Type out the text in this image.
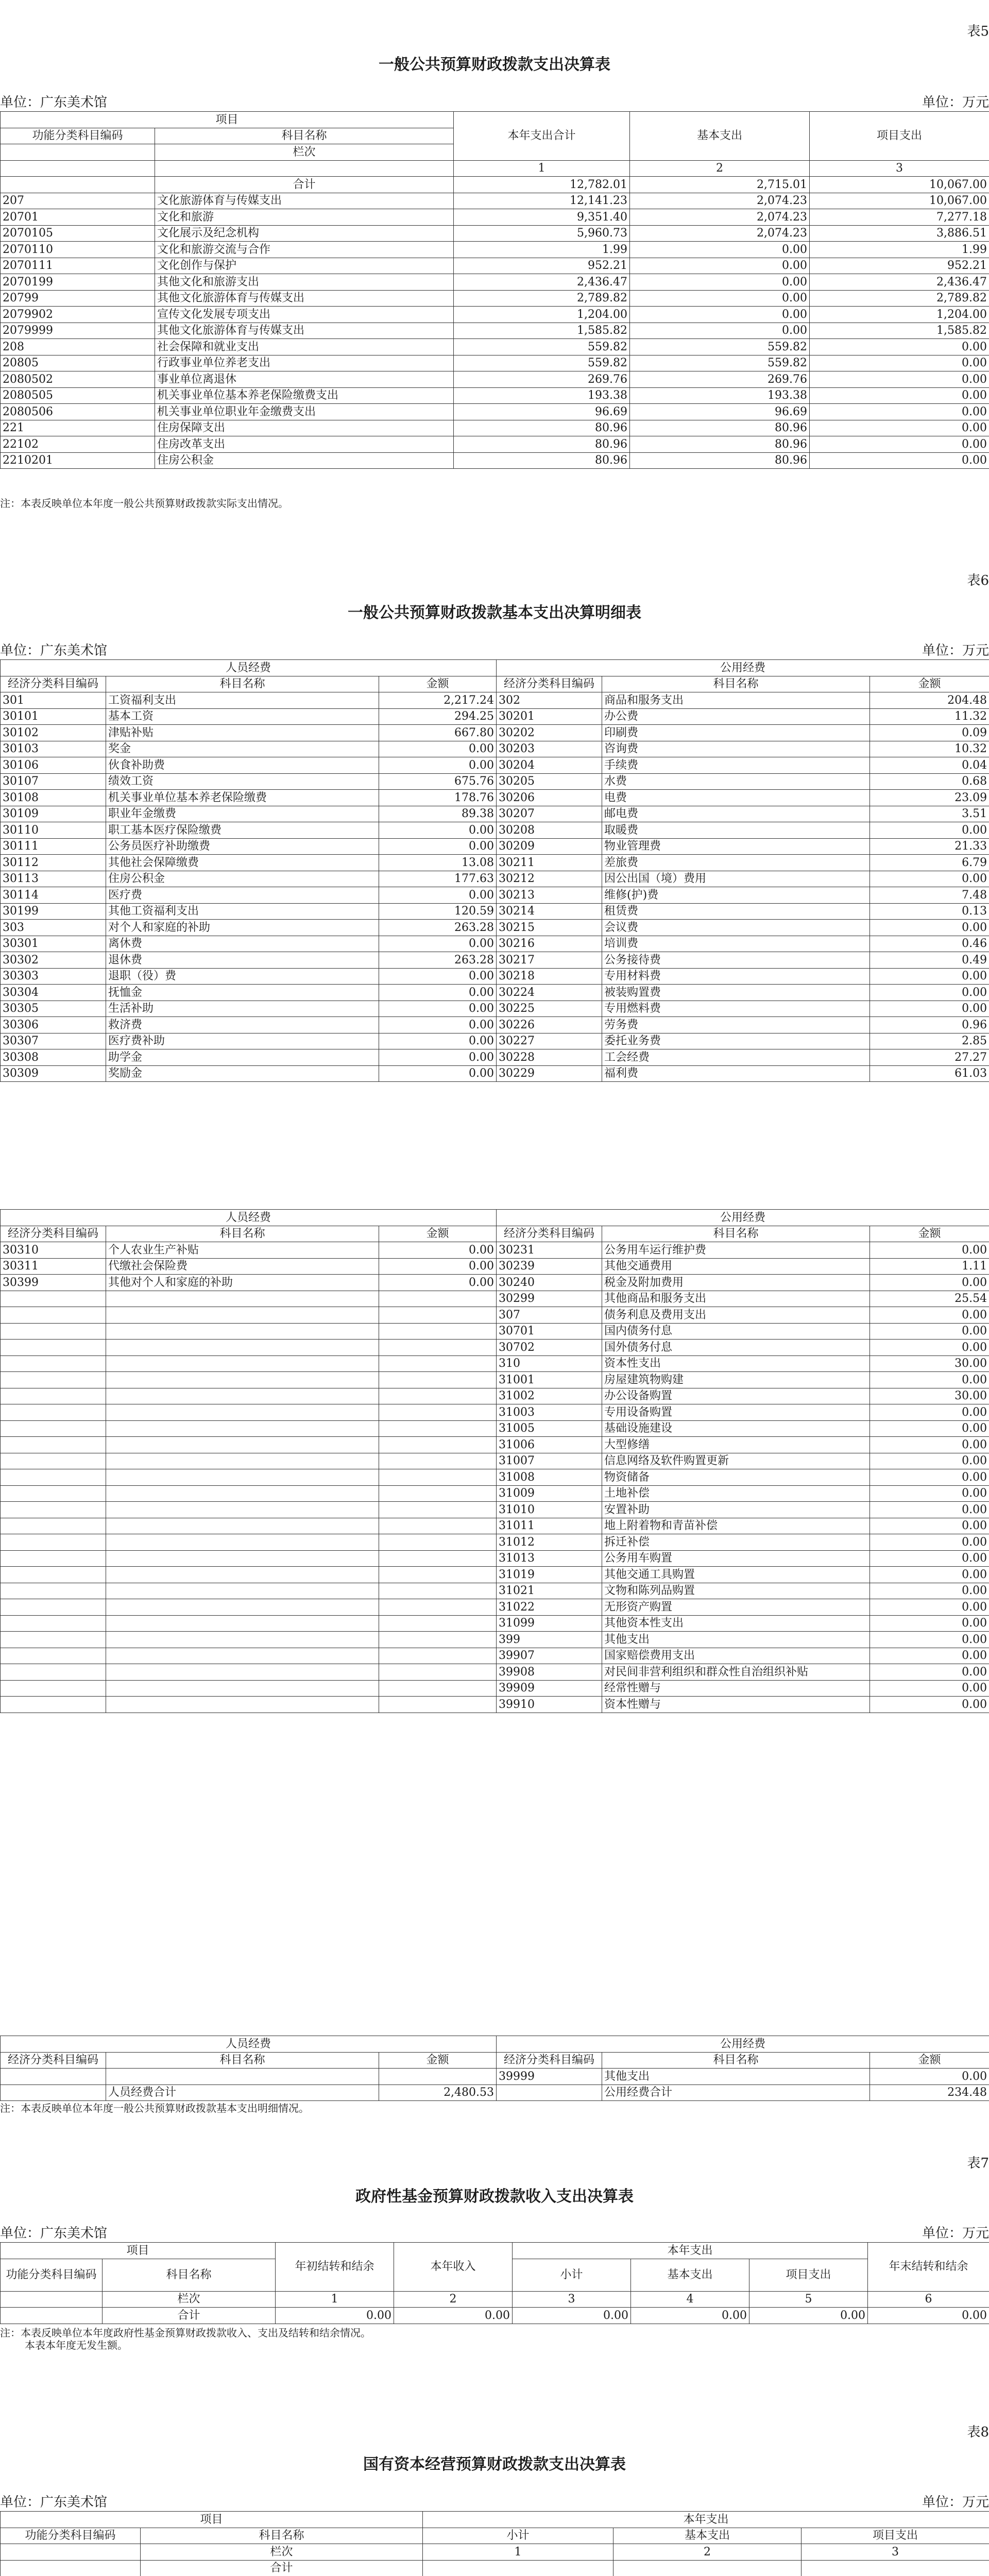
表5
一般公共预算财政拨款支出决算表
单位：广东美术馆	单位：万元
项目		本年支出合计	基本支出	项目支出
功能分类科目编码	科目名称			
	栏次			
		1	2	3
	合计	12,782.01	2,715.01	10,067.00
207	文化旅游体育与传媒支出	12,141.23	2,074.23	10,067.00
20701	文化和旅游	9,351.40	2,074.23	7,277.18
2070105	文化展示及纪念机构	5,960.73	2,074.23	3,886.51
2070110	文化和旅游交流与合作	1.99	0.00	1.99
2070111	文化创作与保护	952.21	0.00	952.21
2070199	其他文化和旅游支出	2,436.47	0.00	2,436.47
20799	其他文化旅游体育与传媒支出	2,789.82	0.00	2,789.82
2079902	宣传文化发展专项支出	1,204.00	0.00	1,204.00
2079999	其他文化旅游体育与传媒支出	1,585.82	0.00	1,585.82
208	社会保障和就业支出	559.82	559.82	0.00
20805	行政事业单位养老支出	559.82	559.82	0.00
2080502	事业单位离退休	269.76	269.76	0.00
2080505	机关事业单位基本养老保险缴费支出	193.38	193.38	0.00
2080506	机关事业单位职业年金缴费支出	96.69	96.69	0.00
221	住房保障支出	80.96	80.96	0.00
22102	住房改革支出	80.96	80.96	0.00
2210201	住房公积金	80.96	80.96	0.00
注：本表反映单位本年度一般公共预算财政拨款实际支出情况。
表6
一般公共预算财政拨款基本支出决算明细表
单位：广东美术馆	单位：万元
人员经费			公用经费		
经济分类科目编码	科目名称	金额	经济分类科目编码	科目名称	金额
301	工资福利支出	2,217.24	302	商品和服务支出	204.48
30101	基本工资	294.25	30201	办公费	11.32
30102	津贴补贴	667.80	30202	印刷费	0.09
30103	奖金	0.00	30203	咨询费	10.32
30106	伙食补助费	0.00	30204	手续费	0.04
30107	绩效工资	675.76	30205	水费	0.68
30108	机关事业单位基本养老保险缴费	178.76	30206	电费	23.09
30109	职业年金缴费	89.38	30207	邮电费	3.51
30110	职工基本医疗保险缴费	0.00	30208	取暖费	0.00
30111	公务员医疗补助缴费	0.00	30209	物业管理费	21.33
30112	其他社会保障缴费	13.08	30211	差旅费	6.79
30113	住房公积金	177.63	30212	因公出国（境）费用	0.00
30114	医疗费	0.00	30213	维修(护)费	7.48
30199	其他工资福利支出	120.59	30214	租赁费	0.13
303	对个人和家庭的补助	263.28	30215	会议费	0.00
30301	离休费	0.00	30216	培训费	0.46
30302	退休费	263.28	30217	公务接待费	0.49
30303	退职（役）费	0.00	30218	专用材料费	0.00
30304	抚恤金	0.00	30224	被装购置费	0.00
30305	生活补助	0.00	30225	专用燃料费	0.00
30306	救济费	0.00	30226	劳务费	0.96
30307	医疗费补助	0.00	30227	委托业务费	2.85
30308	助学金	0.00	30228	工会经费	27.27
30309	奖励金	0.00	30229	福利费	61.03
人员经费			公用经费		
经济分类科目编码	科目名称	金额	经济分类科目编码	科目名称	金额
30310	个人农业生产补贴	0.00	30231	公务用车运行维护费	0.00
30311	代缴社会保险费	0.00	30239	其他交通费用	1.11
30399	其他对个人和家庭的补助	0.00	30240	税金及附加费用	0.00
			30299	其他商品和服务支出	25.54
			307	债务利息及费用支出	0.00
			30701	国内债务付息	0.00
			30702	国外债务付息	0.00
			310	资本性支出	30.00
			31001	房屋建筑物购建	0.00
			31002	办公设备购置	30.00
			31003	专用设备购置	0.00
			31005	基础设施建设	0.00
			31006	大型修缮	0.00
			31007	信息网络及软件购置更新	0.00
			31008	物资储备	0.00
			31009	土地补偿	0.00
			31010	安置补助	0.00
			31011	地上附着物和青苗补偿	0.00
			31012	拆迁补偿	0.00
			31013	公务用车购置	0.00
			31019	其他交通工具购置	0.00
			31021	文物和陈列品购置	0.00
			31022	无形资产购置	0.00
			31099	其他资本性支出	0.00
			399	其他支出	0.00
			39907	国家赔偿费用支出	0.00
			39908	对民间非营利组织和群众性自治组织补贴	0.00
			39909	经常性赠与	0.00
			39910	资本性赠与	0.00
人员经费			公用经费		
经济分类科目编码	科目名称	金额	经济分类科目编码	科目名称	金额
			39999	其他支出	0.00
	人员经费合计	2,480.53		公用经费合计	234.48
注：本表反映单位本年度一般公共预算财政拨款基本支出明细情况。
表7
政府性基金预算财政拨款收入支出决算表
单位：广东美术馆	单位：万元
项目		年初结转和结余	本年收入	本年支出			年末结转和结余
功能分类科目编码	科目名称			小计	基本支出	项目支出	
	栏次	1	2	3	4	5	6
	合计	0.00	0.00	0.00	0.00	0.00	0.00
注：本表反映单位本年度政府性基金预算财政拨款收入、支出及结转和结余情况。
本表本年度无发生额。
表8
国有资本经营预算财政拨款支出决算表
单位：广东美术馆	单位：万元
项目		本年支出		
功能分类科目编码	科目名称	小计	基本支出	项目支出
	栏次	1	2	3
	合计			
